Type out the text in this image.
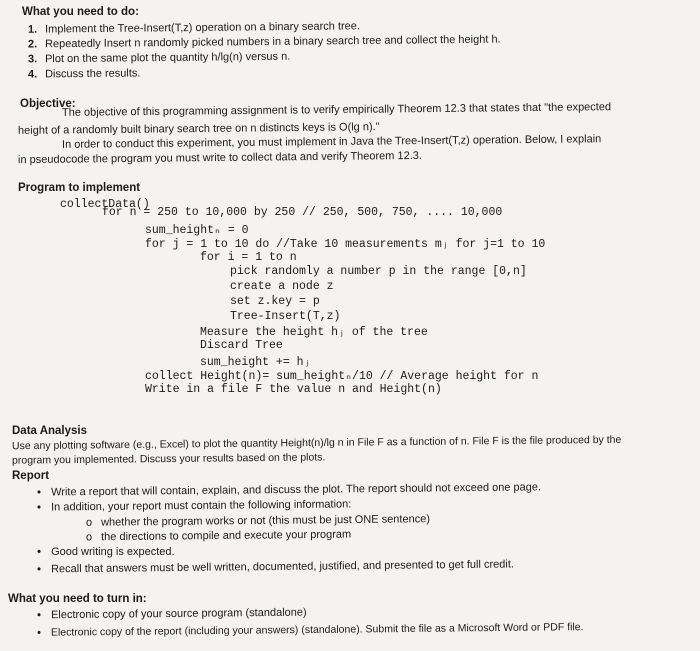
What you need to do:
1. Implement the Tree-Insert(T,z) operation on a binary search tree.
2. Repeatedly Insert n randomly picked numbers in a binary search tree and collect the height h.
3. Plot on the same plot the quantity h/lg(n) versus n.
4. Discuss the results.
Objective:
The objective of this programming assignment is to verify empirically Theorem 12.3 that states that "the expected
height of a randomly built binary search tree on n distincts keys is O(lg n)."
In order to conduct this experiment, you must implement in Java the Tree-Insert(T,z) operation. Below, I explain
in pseudocode the program you must write to collect data and verify Theorem 12.3.
Program to implement
collectData()
for n = 250 to 10,000 by 250 // 250, 500, 750, .... 10,000
sum_heightₙ = 0
for j = 1 to 10 do //Take 10 measurements mⱼ for j=1 to 10
for i = 1 to n
pick randomly a number p in the range [0,n]
create a node z
set z.key = p
Tree-Insert(T,z)
Measure the height hⱼ of the tree
Discard Tree
sum_height += hⱼ
collect Height(n)= sum_heightₙ/10 // Average height for n
Write in a file F the value n and Height(n)
Data Analysis
Use any plotting software (e.g., Excel) to plot the quantity Height(n)/lg n in File F as a function of n. File F is the file produced by the
program you implemented. Discuss your results based on the plots.
Report
• Write a report that will contain, explain, and discuss the plot. The report should not exceed one page.
• In addition, your report must contain the following information:
o whether the program works or not (this must be just ONE sentence)
o the directions to compile and execute your program
• Good writing is expected.
• Recall that answers must be well written, documented, justified, and presented to get full credit.
What you need to turn in:
• Electronic copy of your source program (standalone)
• Electronic copy of the report (including your answers) (standalone). Submit the file as a Microsoft Word or PDF file.
